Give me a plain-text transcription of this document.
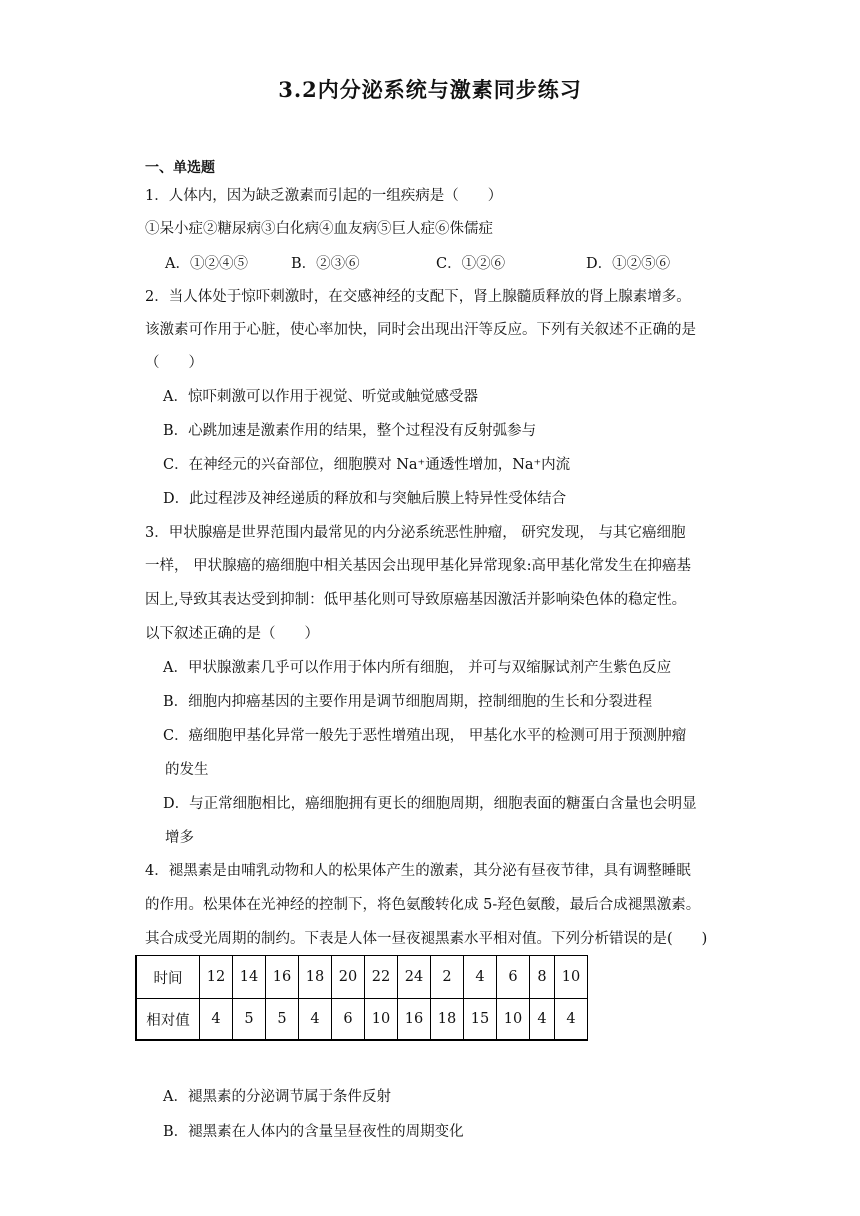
3.2内分泌系统与激素同步练习
一、单选题
1．人体内，因为缺乏激素而引起的一组疾病是（　　）
①呆小症②糖尿病③白化病④血友病⑤巨人症⑥侏儒症
A．①②④⑤	B．②③⑥	C．①②⑥	D．①②⑤⑥
2．当人体处于惊吓刺激时，在交感神经的支配下，肾上腺髓质释放的肾上腺素增多。
该激素可作用于心脏，使心率加快，同时会出现出汗等反应。下列有关叙述不正确的是
（　　）
A．惊吓刺激可以作用于视觉、听觉或触觉感受器
B．心跳加速是激素作用的结果，整个过程没有反射弧参与
C．在神经元的兴奋部位，细胞膜对 Na⁺通透性增加，Na⁺内流
D．此过程涉及神经递质的释放和与突触后膜上特异性受体结合
3．甲状腺癌是世界范围内最常见的内分泌系统恶性肿瘤， 研究发现， 与其它癌细胞
一样， 甲状腺癌的癌细胞中相关基因会出现甲基化异常现象:高甲基化常发生在抑癌基
因上,导致其表达受到抑制：低甲基化则可导致原癌基因激活并影响染色体的稳定性。
以下叙述正确的是（　　）
A．甲状腺激素几乎可以作用于体内所有细胞， 并可与双缩脲试剂产生紫色反应
B．细胞内抑癌基因的主要作用是调节细胞周期，控制细胞的生长和分裂进程
C．癌细胞甲基化异常一般先于恶性增殖出现， 甲基化水平的检测可用于预测肿瘤
的发生
D．与正常细胞相比，癌细胞拥有更长的细胞周期，细胞表面的糖蛋白含量也会明显
增多
4．褪黑素是由哺乳动物和人的松果体产生的激素，其分泌有昼夜节律，具有调整睡眠
的作用。松果体在光神经的控制下，将色氨酸转化成 5-羟色氨酸，最后合成褪黑激素。
其合成受光周期的制约。下表是人体一昼夜褪黑素水平相对值。下列分析错误的是(　　)
时间	12	14	16	18	20	22	24	2	4	6	8	10
相对值	4	5	5	4	6	10	16	18	15	10	4	4
A．褪黑素的分泌调节属于条件反射
B．褪黑素在人体内的含量呈昼夜性的周期变化
